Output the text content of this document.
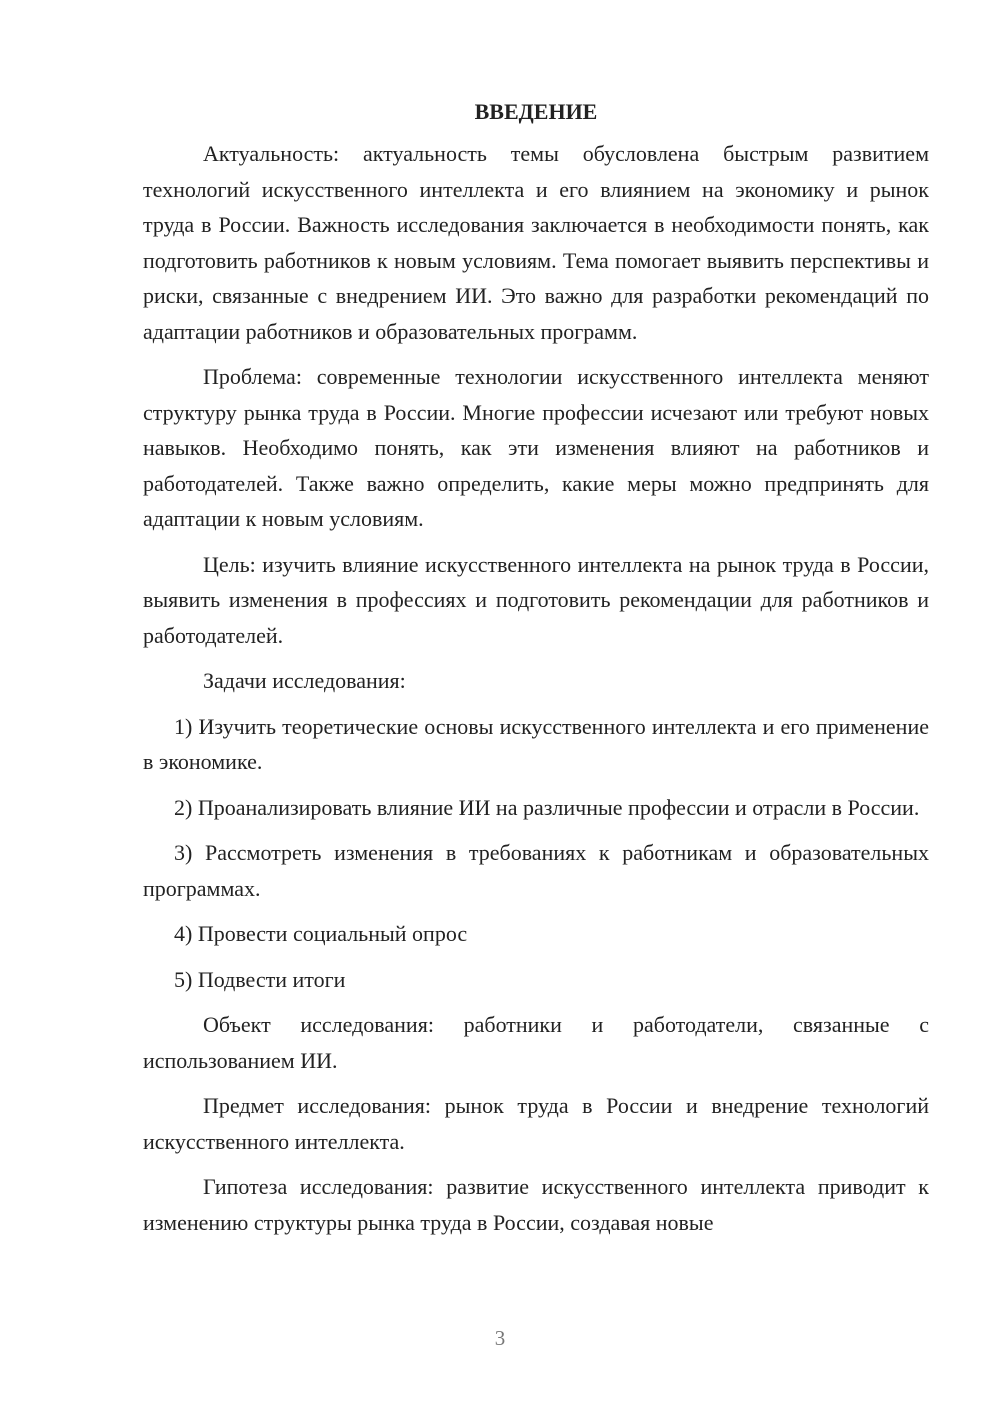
ВВЕДЕНИЕ

Актуальность: актуальность темы обусловлена быстрым развитием технологий искусственного интеллекта и его влиянием на экономику и рынок труда в России. Важность исследования заключается в необходимости понять, как подготовить работников к новым условиям. Тема помогает выявить перспективы и риски, связанные с внедрением ИИ. Это важно для разработки рекомендаций по адаптации работников и образовательных программ.

Проблема: современные технологии искусственного интеллекта меняют структуру рынка труда в России. Многие профессии исчезают или требуют новых навыков. Необходимо понять, как эти изменения влияют на работников и работодателей. Также важно определить, какие меры можно предпринять для адаптации к новым условиям.

Цель: изучить влияние искусственного интеллекта на рынок труда в России, выявить изменения в профессиях и подготовить рекомендации для работников и работодателей.

Задачи исследования:

1) Изучить теоретические основы искусственного интеллекта и его применение в экономике.

2) Проанализировать влияние ИИ на различные профессии и отрасли в России.

3) Рассмотреть изменения в требованиях к работникам и образовательных программах.

4) Провести социальный опрос

5) Подвести итоги

Объект исследования: работники и работодатели, связанные с использованием ИИ.

Предмет исследования: рынок труда в России и внедрение технологий искусственного интеллекта.

Гипотеза исследования: развитие искусственного интеллекта приводит к изменению структуры рынка труда в России, создавая новые

3
